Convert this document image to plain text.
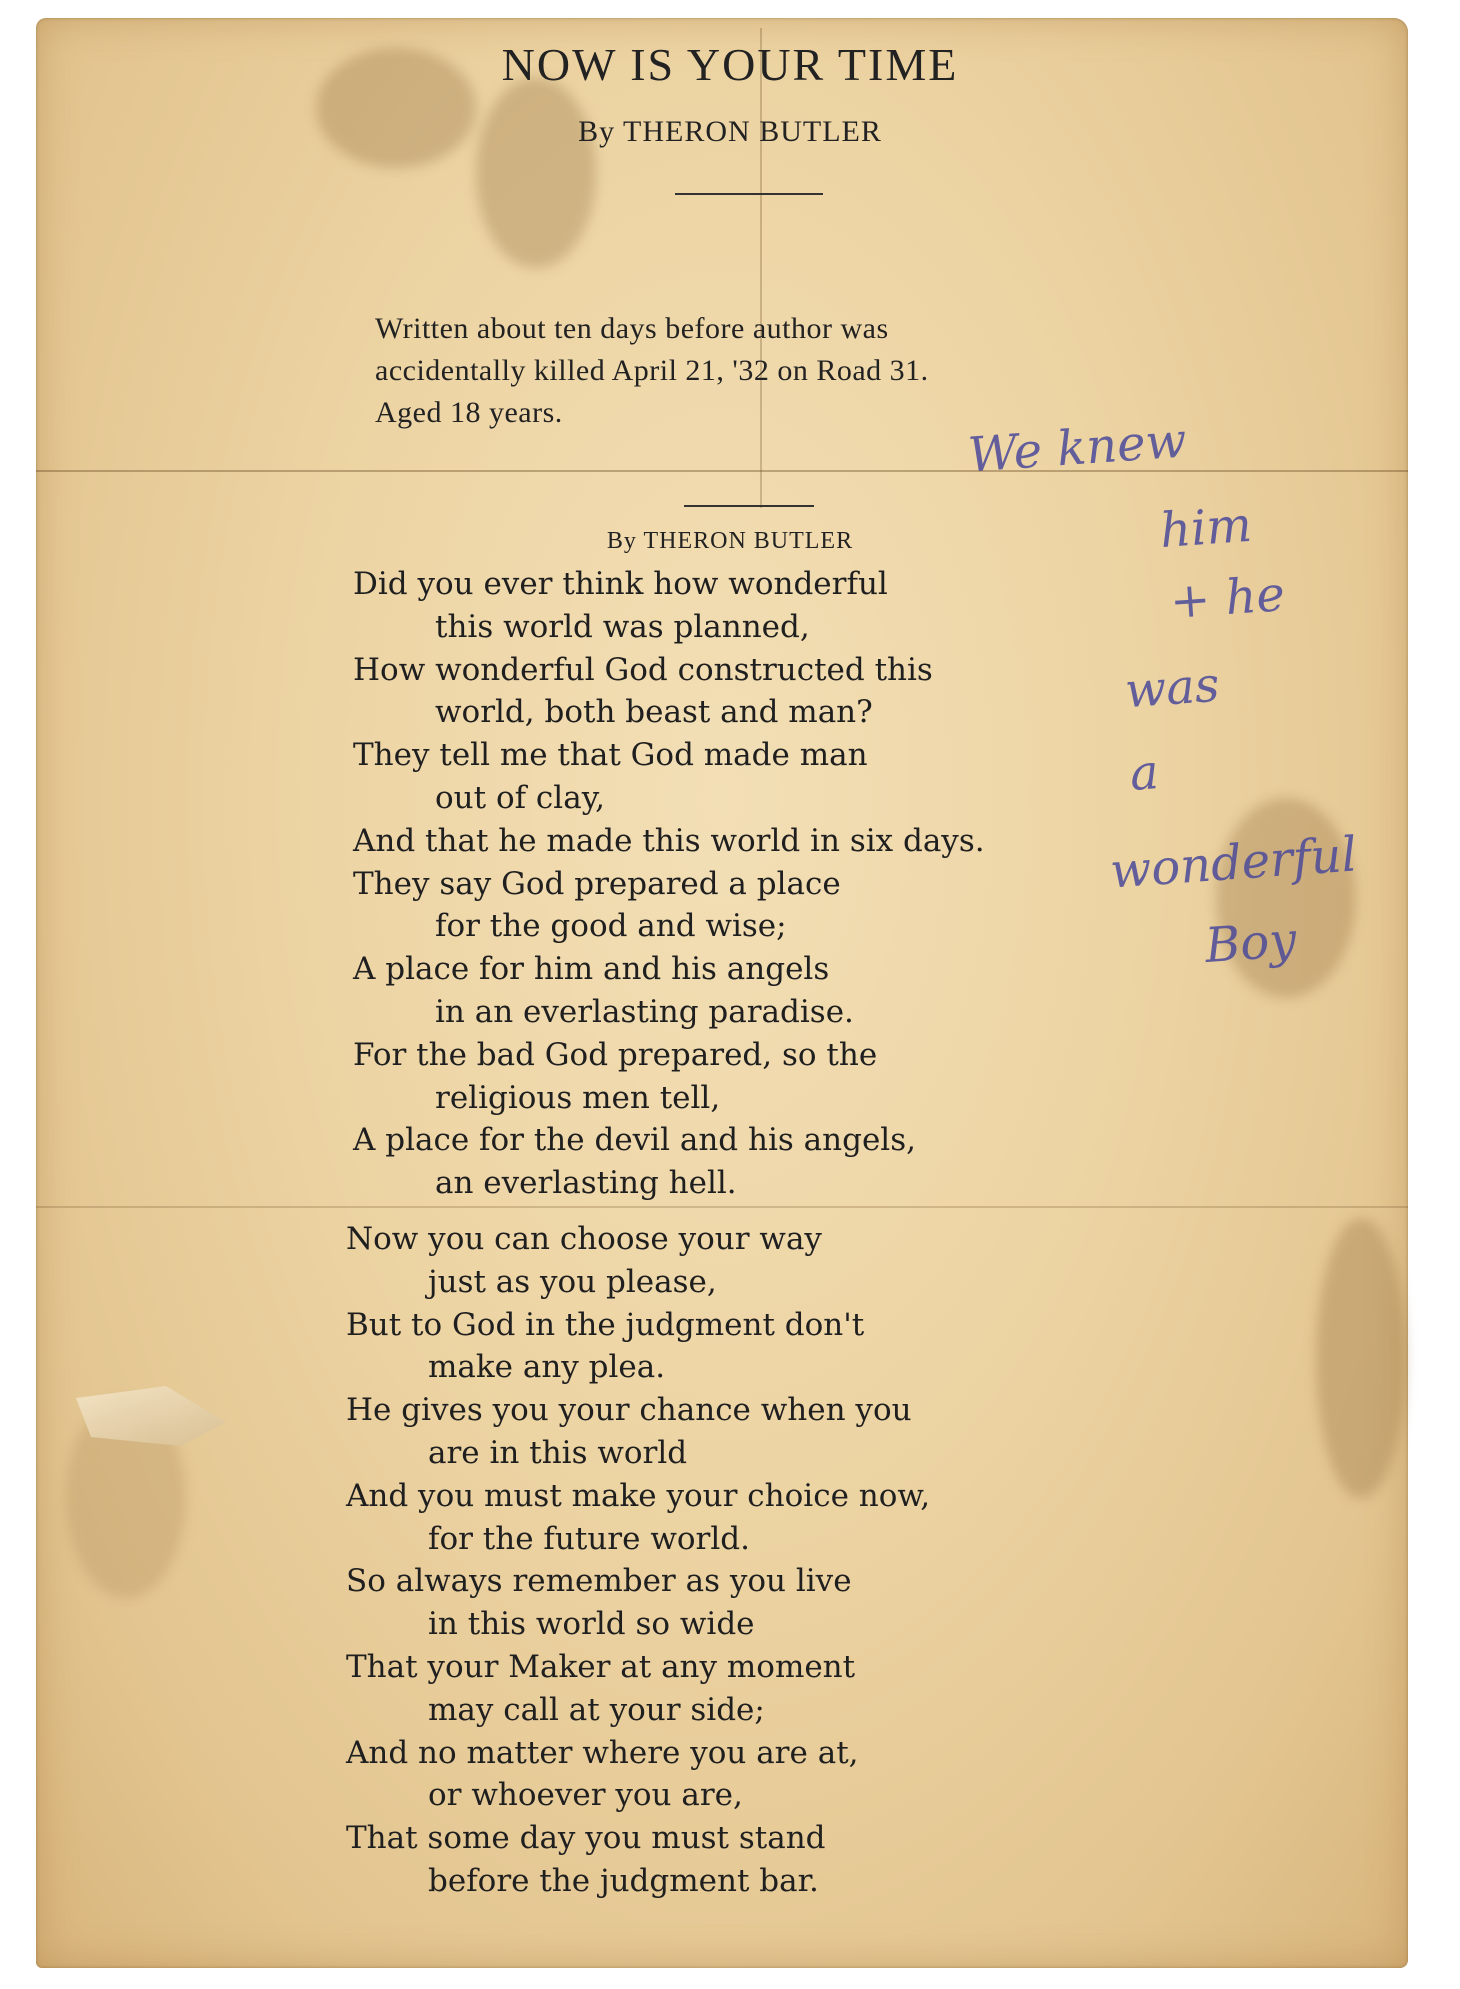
NOW IS YOUR TIME
By THERON BUTLER
Written about ten days before author was
accidentally killed April 21, '32 on Road 31.
Aged 18 years.
By THERON BUTLER
Did you ever think how wonderful
this world was planned,
How wonderful God constructed this
world, both beast and man?
They tell me that God made man
out of clay,
And that he made this world in six days.
They say God prepared a place
for the good and wise;
A place for him and his angels
in an everlasting paradise.
For the bad God prepared, so the
religious men tell,
A place for the devil and his angels,
an everlasting hell.
Now you can choose your way
just as you please,
But to God in the judgment don't
make any plea.
He gives you your chance when you
are in this world
And you must make your choice now,
for the future world.
So always remember as you live
in this world so wide
That your Maker at any moment
may call at your side;
And no matter where you are at,
or whoever you are,
That some day you must stand
before the judgment bar.
We knew
him
+ he
was
a
wonderful
Boy
